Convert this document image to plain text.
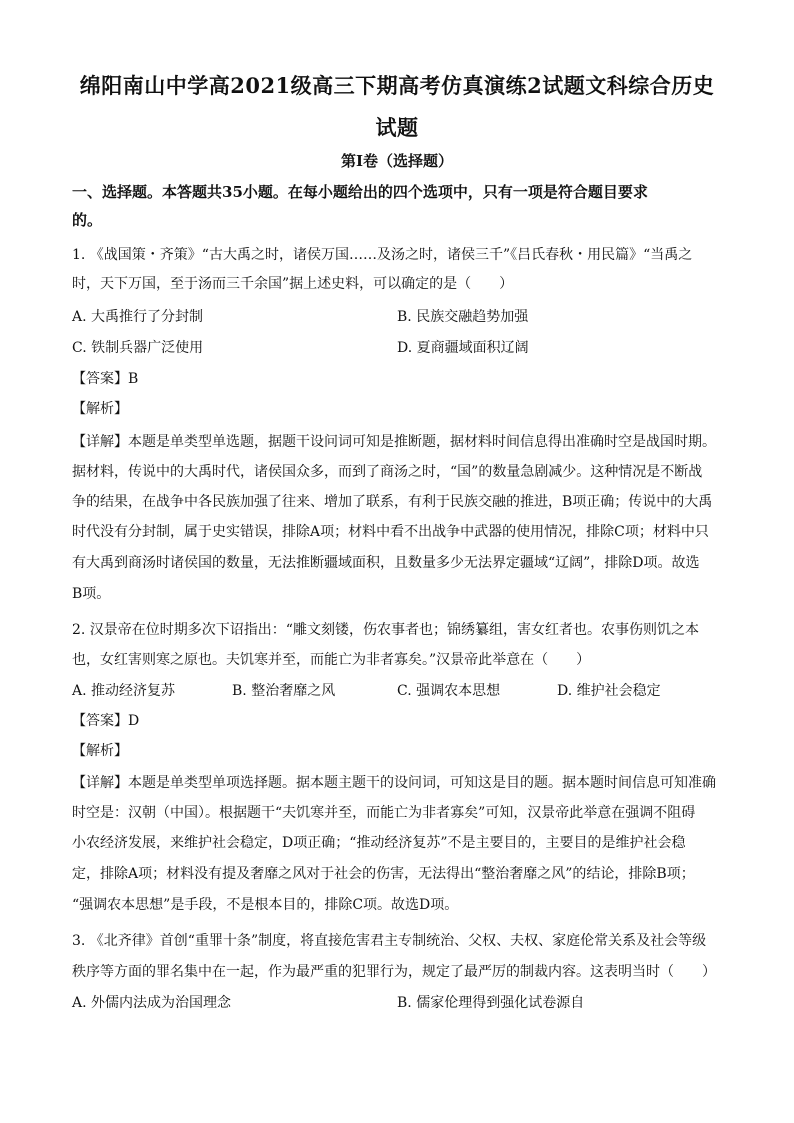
绵阳南山中学高2021级高三下期高考仿真演练2试题文科综合历史
试题
第Ⅰ卷（选择题）
一、选择题。本答题共35小题。在每小题给出的四个选项中，只有一项是符合题目要求
的。
1. 《战国策・齐策》“古大禹之时，诸侯万国……及汤之时，诸侯三千”《吕氏春秋・用民篇》“当禹之
时，天下万国，至于汤而三千余国”据上述史料，可以确定的是（　　）
A. 大禹推行了分封制	B. 民族交融趋势加强
C. 铁制兵器广泛使用	D. 夏商疆域面积辽阔
【答案】B
【解析】
【详解】本题是单类型单选题，据题干设问词可知是推断题，据材料时间信息得出准确时空是战国时期。
据材料，传说中的大禹时代，诸侯国众多，而到了商汤之时，“国”的数量急剧减少。这种情况是不断战
争的结果，在战争中各民族加强了往来、增加了联系，有利于民族交融的推进，B项正确；传说中的大禹
时代没有分封制，属于史实错误，排除A项；材料中看不出战争中武器的使用情况，排除C项；材料中只
有大禹到商汤时诸侯国的数量，无法推断疆域面积，且数量多少无法界定疆域“辽阔”，排除D项。故选
B项。
2. 汉景帝在位时期多次下诏指出：“雕文刻镂，伤农事者也；锦绣纂组，害女红者也。农事伤则饥之本
也，女红害则寒之原也。夫饥寒并至，而能亡为非者寡矣。”汉景帝此举意在（　　）
A. 推动经济复苏	B. 整治奢靡之风	C. 强调农本思想	D. 维护社会稳定
【答案】D
【解析】
【详解】本题是单类型单项选择题。据本题主题干的设问词，可知这是目的题。据本题时间信息可知准确
时空是：汉朝（中国）。根据题干“夫饥寒并至，而能亡为非者寡矣”可知，汉景帝此举意在强调不阻碍
小农经济发展，来维护社会稳定，D项正确；“推动经济复苏”不是主要目的，主要目的是维护社会稳
定，排除A项；材料没有提及奢靡之风对于社会的伤害，无法得出“整治奢靡之风”的结论，排除B项；
“强调农本思想”是手段，不是根本目的，排除C项。故选D项。
3. 《北齐律》首创“重罪十条”制度，将直接危害君主专制统治、父权、夫权、家庭伦常关系及社会等级
秩序等方面的罪名集中在一起，作为最严重的犯罪行为，规定了最严厉的制裁内容。这表明当时（　　）
A. 外儒内法成为治国理念	B. 儒家伦理得到强化试卷源自
